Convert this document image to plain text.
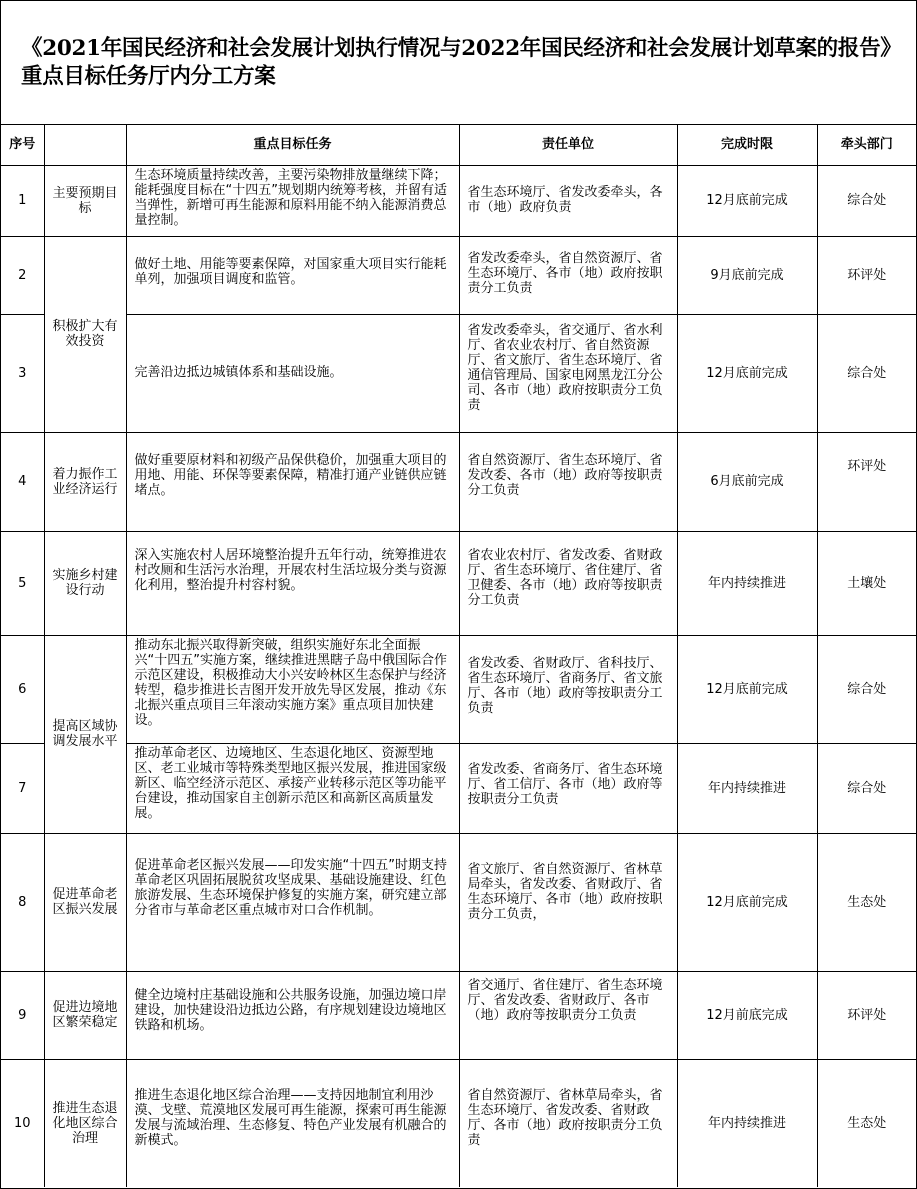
《2021年国民经济和社会发展计划执行情况与2022年国民经济和社会发展计划草案的报告》重点目标任务厅内分工方案
序号		重点目标任务	责任单位	完成时限	牵头部门
1	主要预期目标	生态环境质量持续改善，主要污染物排放量继续下降；能耗强度目标在“十四五”规划期内统筹考核，并留有适当弹性，新增可再生能源和原料用能不纳入能源消费总量控制。	省生态环境厅、省发改委牵头，各市（地）政府负责	12月底前完成	综合处
2	积极扩大有效投资	做好土地、用能等要素保障，对国家重大项目实行能耗单列，加强项目调度和监管。	省发改委牵头，省自然资源厅、省生态环境厅、各市（地）政府按职责分工负责	9月底前完成	环评处
3		完善沿边抵边城镇体系和基础设施。	省发改委牵头，省交通厅、省水利厅、省农业农村厅、省自然资源厅、省文旅厅、省生态环境厅、省通信管理局、国家电网黑龙江分公司、各市（地）政府按职责分工负责	12月底前完成	综合处
4	着力振作工业经济运行	做好重要原材料和初级产品保供稳价，加强重大项目的用地、用能、环保等要素保障，精准打通产业链供应链堵点。	省自然资源厅、省生态环境厅、省发改委、各市（地）政府等按职责分工负责	6月底前完成	环评处
5	实施乡村建设行动	深入实施农村人居环境整治提升五年行动，统筹推进农村改厕和生活污水治理，开展农村生活垃圾分类与资源化利用，整治提升村容村貌。	省农业农村厅、省发改委、省财政厅、省生态环境厅、省住建厅、省卫健委、各市（地）政府等按职责分工负责	年内持续推进	土壤处
6	提高区域协调发展水平	推动东北振兴取得新突破，组织实施好东北全面振兴“十四五”实施方案，继续推进黑瞎子岛中俄国际合作示范区建设，积极推动大小兴安岭林区生态保护与经济转型，稳步推进长吉图开发开放先导区发展，推动《东北振兴重点项目三年滚动实施方案》重点项目加快建设。	省发改委、省财政厅、省科技厅、省生态环境厅、省商务厅、省文旅厅、各市（地）政府等按职责分工负责	12月底前完成	综合处
7		推动革命老区、边境地区、生态退化地区、资源型地区、老工业城市等特殊类型地区振兴发展，推进国家级新区、临空经济示范区、承接产业转移示范区等功能平台建设，推动国家自主创新示范区和高新区高质量发展。	省发改委、省商务厅、省生态环境厅、省工信厅、各市（地）政府等按职责分工负责	年内持续推进	综合处
8	促进革命老区振兴发展	促进革命老区振兴发展——印发实施“十四五”时期支持革命老区巩固拓展脱贫攻坚成果、基础设施建设、红色旅游发展、生态环境保护修复的实施方案，研究建立部分省市与革命老区重点城市对口合作机制。	省文旅厅、省自然资源厅、省林草局牵头，省发改委、省财政厅、省生态环境厅、各市（地）政府按职责分工负责，	12月底前完成	生态处
9	促进边境地区繁荣稳定	健全边境村庄基础设施和公共服务设施，加强边境口岸建设，加快建设沿边抵边公路，有序规划建设边境地区铁路和机场。	省交通厅、省住建厅、省生态环境厅、省发改委、省财政厅、各市（地）政府等按职责分工负责	12月前底完成	环评处
10	推进生态退化地区综合治理	推进生态退化地区综合治理——支持因地制宜利用沙漠、戈壁、荒漠地区发展可再生能源，探索可再生能源发展与流域治理、生态修复、特色产业发展有机融合的新模式。	省自然资源厅、省林草局牵头，省生态环境厅、省发改委、省财政厅、各市（地）政府按职责分工负责	年内持续推进	生态处
